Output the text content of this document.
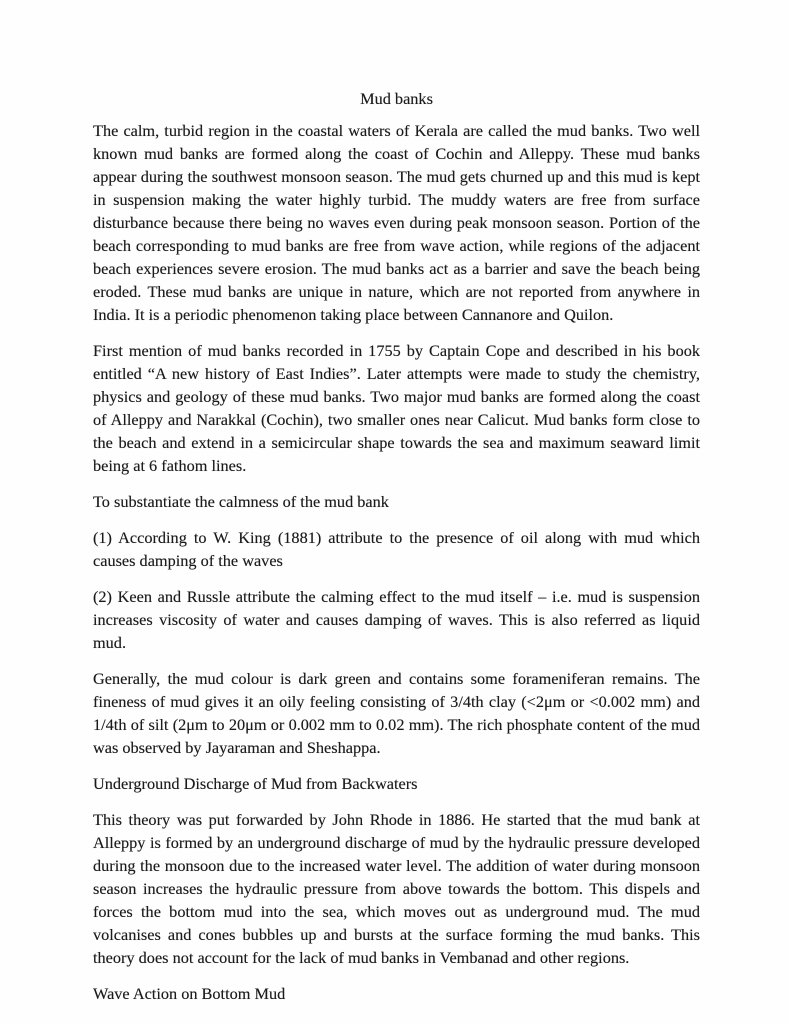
Mud banks

The calm, turbid region in the coastal waters of Kerala are called the mud banks. Two well known mud banks are formed along the coast of Cochin and Alleppy. These mud banks appear during the southwest monsoon season. The mud gets churned up and this mud is kept in suspension making the water highly turbid. The muddy waters are free from surface disturbance because there being no waves even during peak monsoon season. Portion of the beach corresponding to mud banks are free from wave action, while regions of the adjacent beach experiences severe erosion. The mud banks act as a barrier and save the beach being eroded. These mud banks are unique in nature, which are not reported from anywhere in India. It is a periodic phenomenon taking place between Cannanore and Quilon.

First mention of mud banks recorded in 1755 by Captain Cope and described in his book entitled “A new history of East Indies”. Later attempts were made to study the chemistry, physics and geology of these mud banks. Two major mud banks are formed along the coast of Alleppy and Narakkal (Cochin), two smaller ones near Calicut. Mud banks form close to the beach and extend in a semicircular shape towards the sea and maximum seaward limit being at 6 fathom lines.

To substantiate the calmness of the mud bank

(1) According to W. King (1881) attribute to the presence of oil along with mud which causes damping of the waves

(2) Keen and Russle attribute the calming effect to the mud itself – i.e. mud is suspension increases viscosity of water and causes damping of waves. This is also referred as liquid mud.

Generally, the mud colour is dark green and contains some forameniferan remains. The fineness of mud gives it an oily feeling consisting of 3/4th clay (<2μm or <0.002 mm) and 1/4th of silt (2μm to 20μm or 0.002 mm to 0.02 mm). The rich phosphate content of the mud was observed by Jayaraman and Sheshappa.

Underground Discharge of Mud from Backwaters

This theory was put forwarded by John Rhode in 1886. He started that the mud bank at Alleppy is formed by an underground discharge of mud by the hydraulic pressure developed during the monsoon due to the increased water level. The addition of water during monsoon season increases the hydraulic pressure from above towards the bottom. This dispels and forces the bottom mud into the sea, which moves out as underground mud. The mud volcanises and cones bubbles up and bursts at the surface forming the mud banks. This theory does not account for the lack of mud banks in Vembanad and other regions.

Wave Action on Bottom Mud
